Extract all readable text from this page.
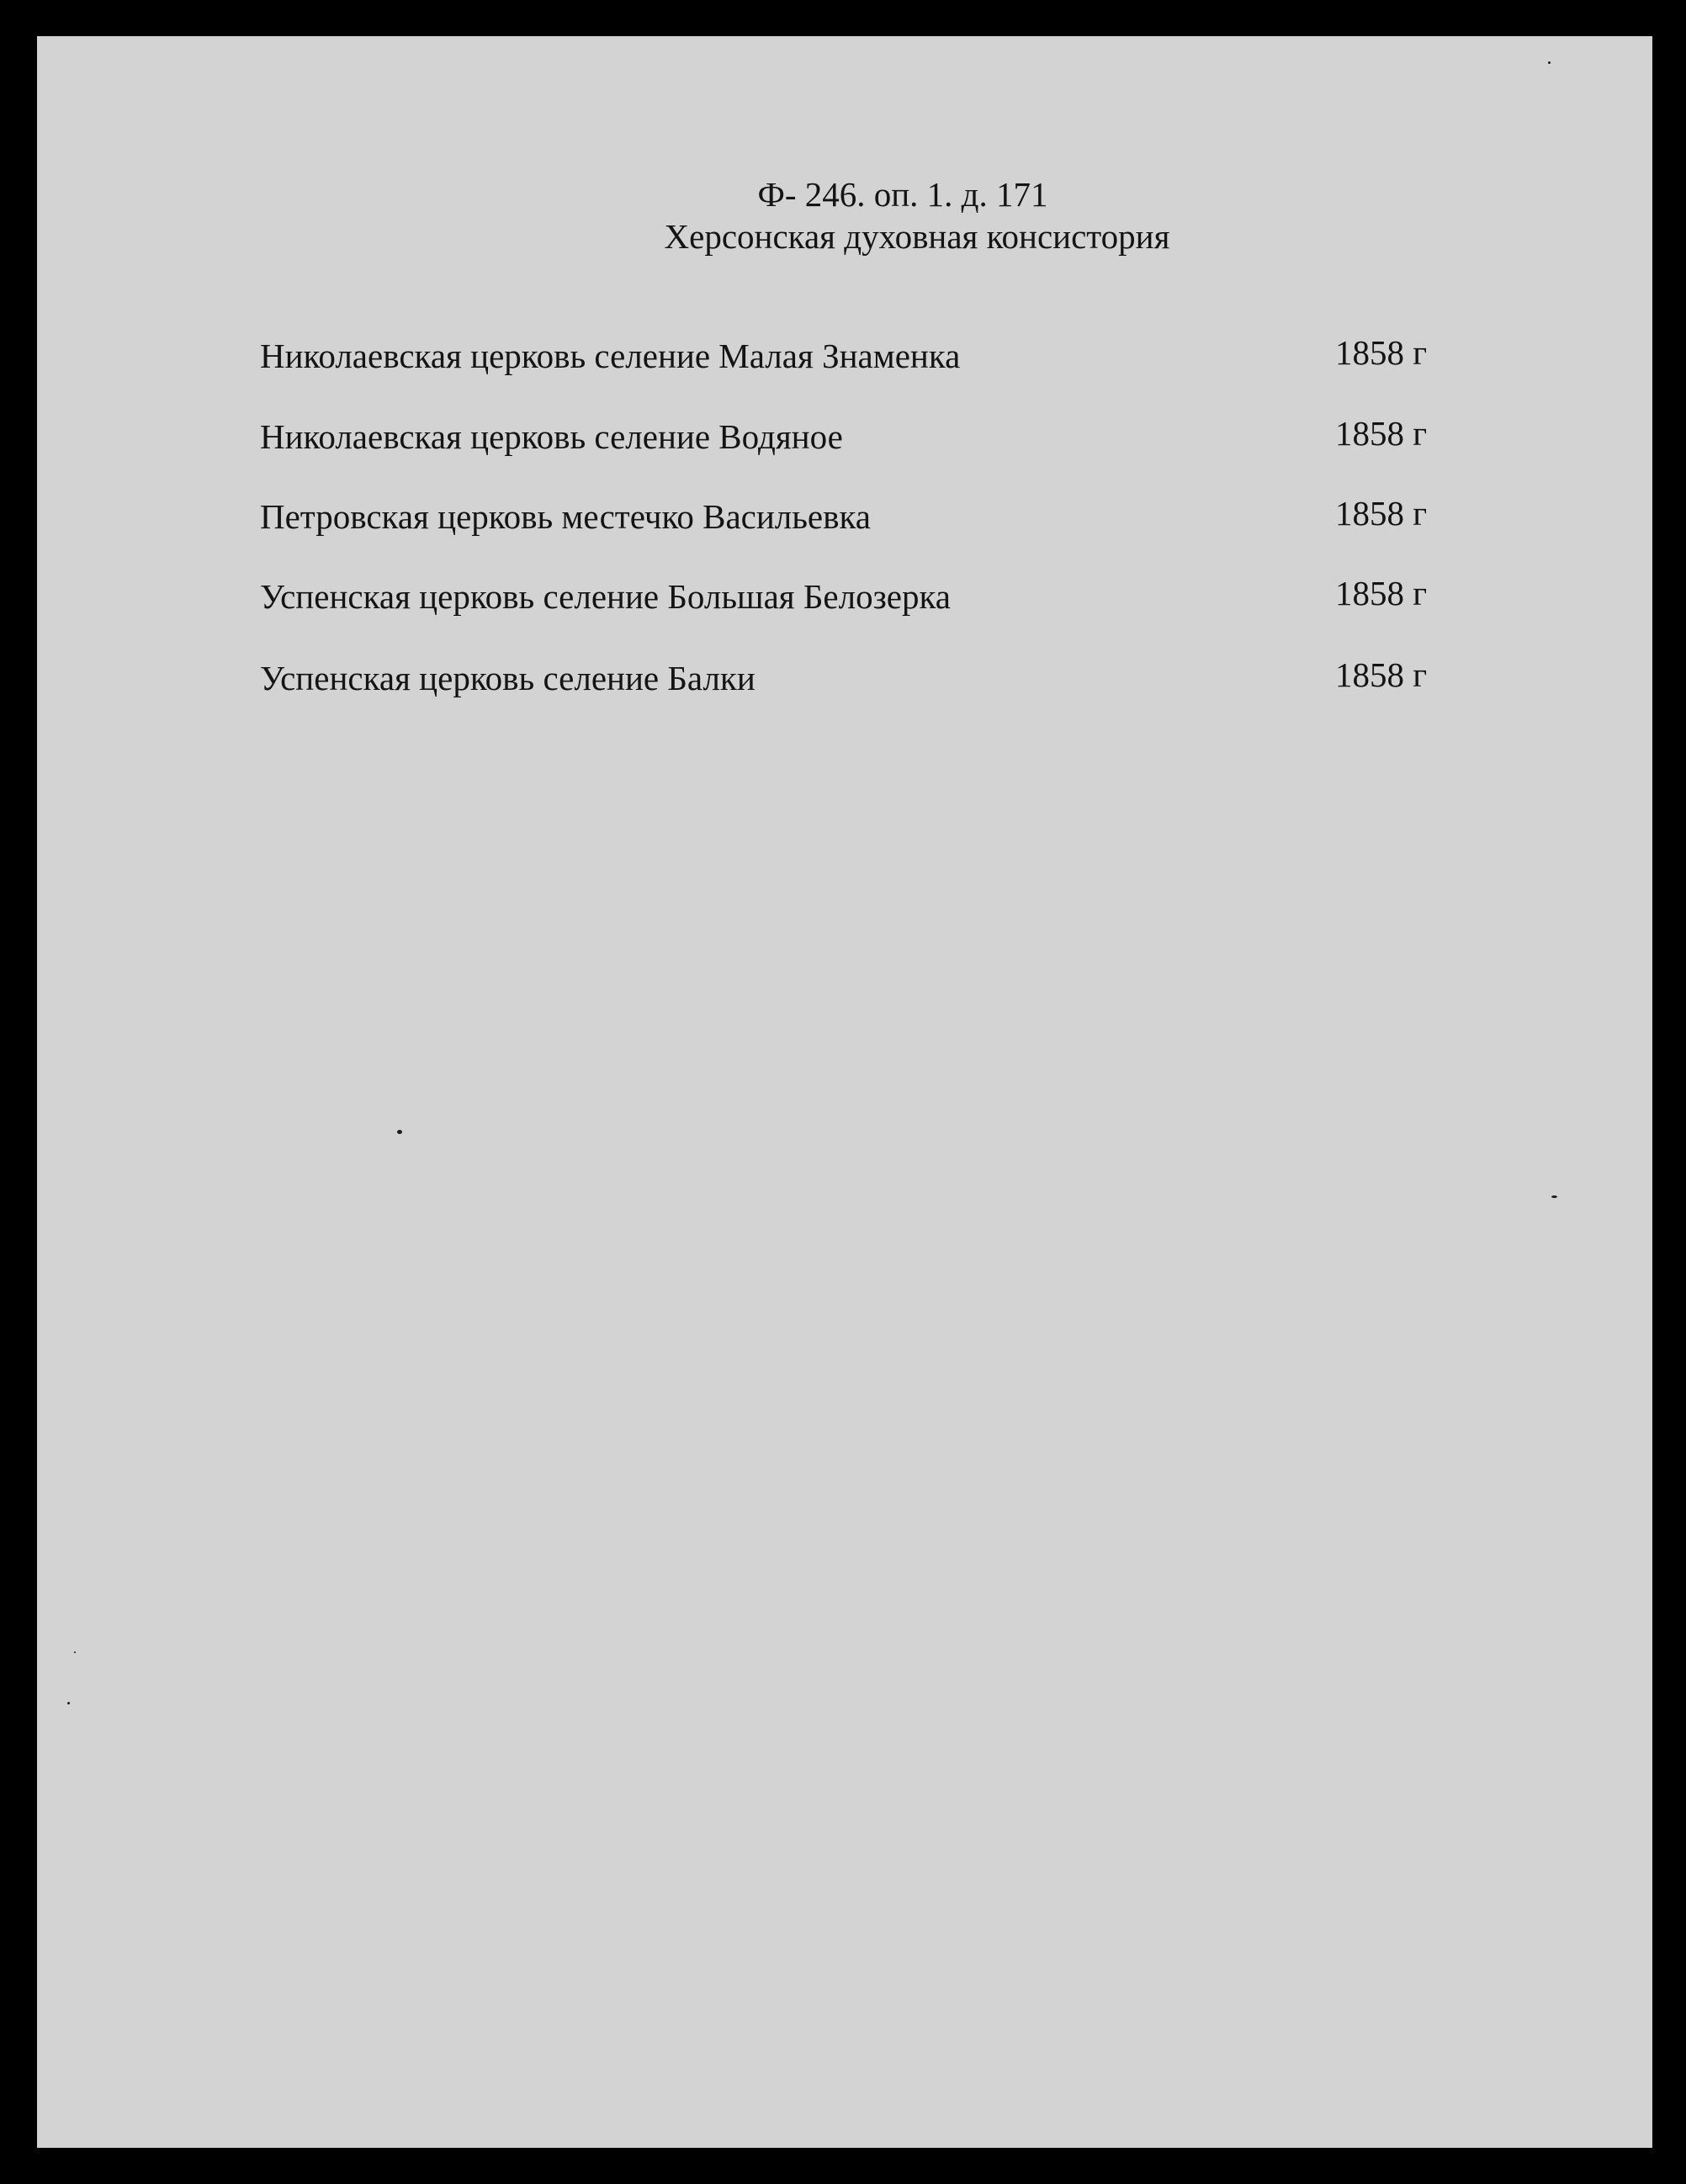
Ф- 246. оп. 1. д. 171
Херсонская духовная консистория
Николаевская церковь селение Малая Знаменка	1858 г
Николаевская церковь селение Водяное	1858 г
Петровская церковь местечко Васильевка	1858 г
Успенская церковь селение Большая Белозерка	1858 г
Успенская церковь селение Балки	1858 г
